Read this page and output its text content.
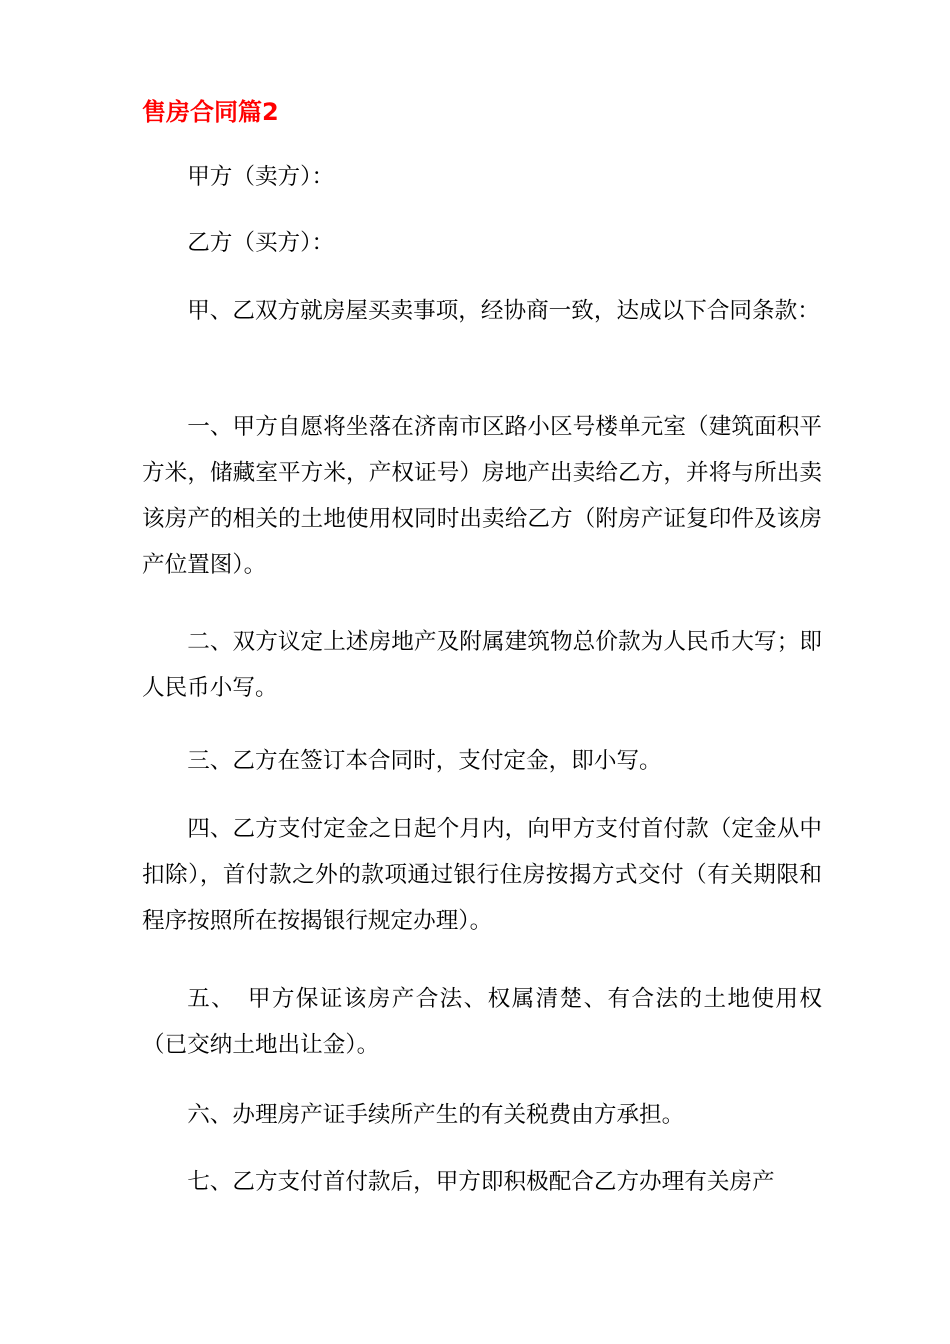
售房合同篇2

甲方（卖方）：

乙方（买方）：

甲、乙双方就房屋买卖事项，经协商一致，达成以下合同条款：

一、甲方自愿将坐落在济南市区路小区号楼单元室（建筑面积平方米，储藏室平方米，产权证号）房地产出卖给乙方，并将与所出卖该房产的相关的土地使用权同时出卖给乙方（附房产证复印件及该房产位置图）。

二、双方议定上述房地产及附属建筑物总价款为人民币大写；即人民币小写。

三、乙方在签订本合同时，支付定金，即小写。

四、乙方支付定金之日起个月内，向甲方支付首付款（定金从中扣除），首付款之外的款项通过银行住房按揭方式交付（有关期限和程序按照所在按揭银行规定办理）。

五、　甲方保证该房产合法、权属清楚、有合法的土地使用权（已交纳土地出让金）。

六、办理房产证手续所产生的有关税费由方承担。

七、乙方支付首付款后，甲方即积极配合乙方办理有关房产
